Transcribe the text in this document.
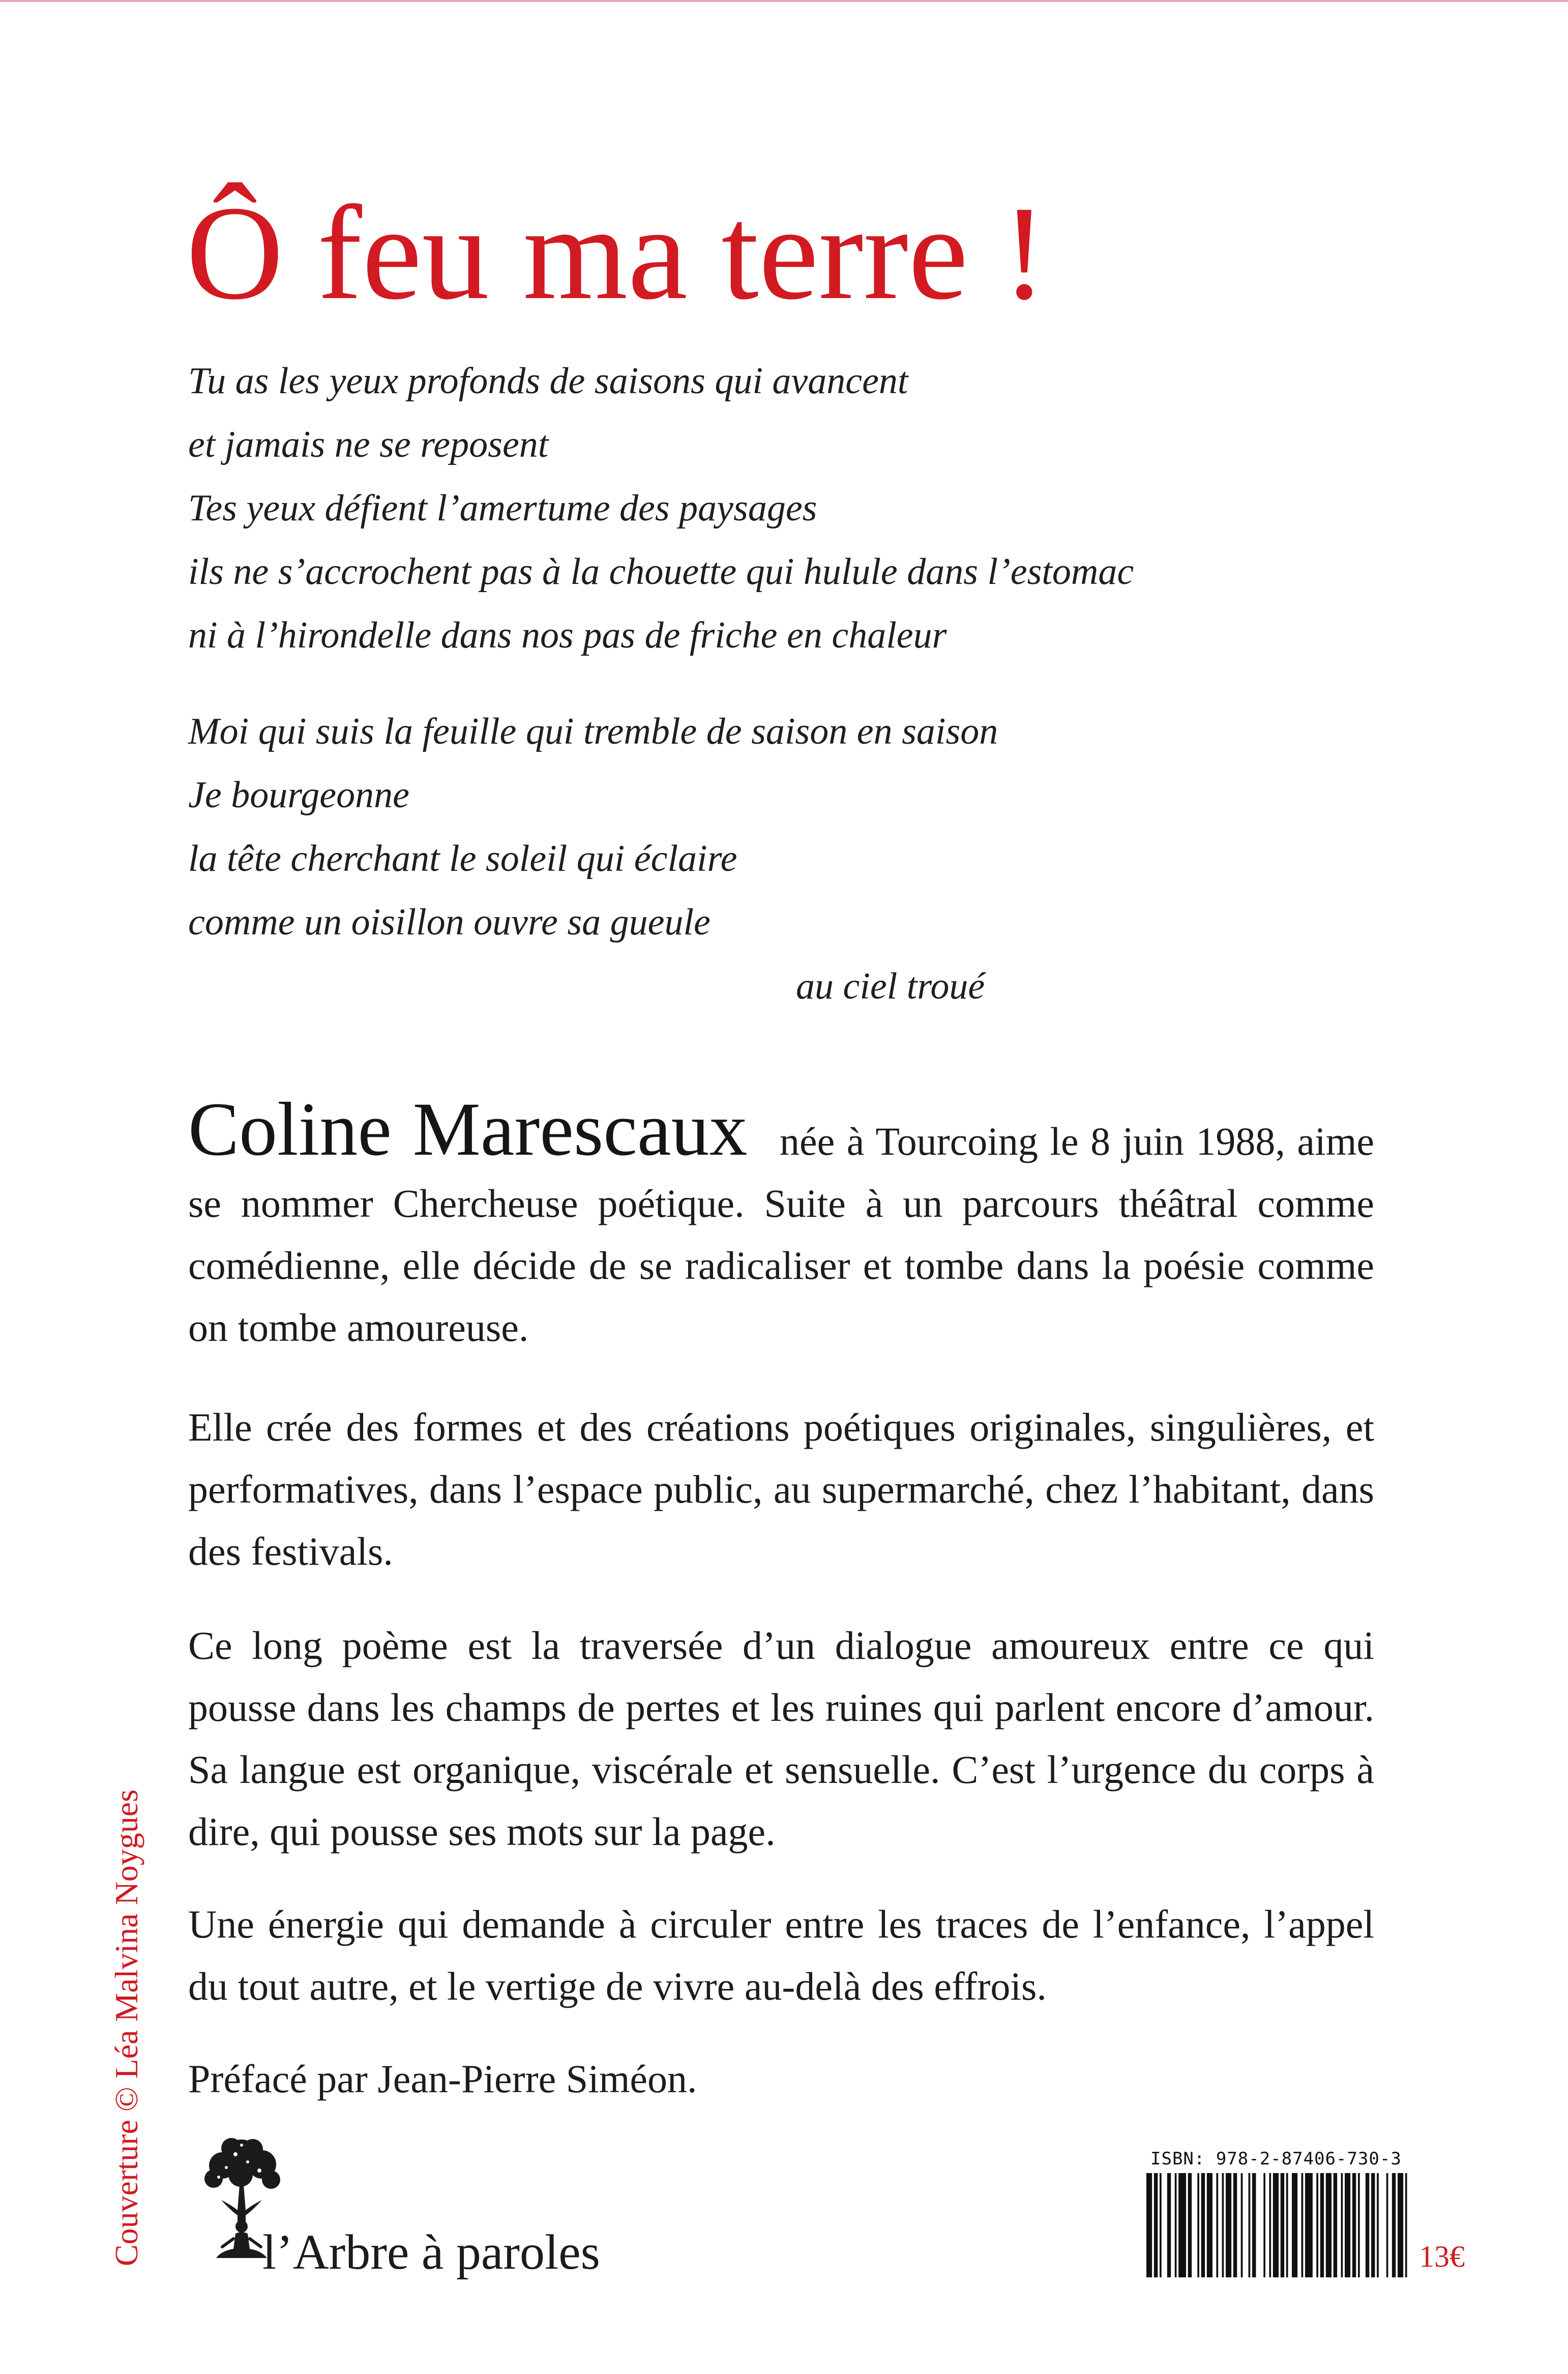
Ô feu ma terre !
Tu as les yeux profonds de saisons qui avancent
et jamais ne se reposent
Tes yeux défient l’amertume des paysages
ils ne s’accrochent pas à la chouette qui hulule dans l’estomac
ni à l’hirondelle dans nos pas de friche en chaleur
Moi qui suis la feuille qui tremble de saison en saison
Je bourgeonne
la tête cherchant le soleil qui éclaire
comme un oisillon ouvre sa gueule
au ciel troué

Coline Marescaux née à Tourcoing le 8 juin 1988, aime se nommer Chercheuse poétique. Suite à un parcours théâtral comme comédienne, elle décide de se radicaliser et tombe dans la poésie comme on tombe amoureuse.

Elle crée des formes et des créations poétiques originales, singulières, et performatives, dans l’espace public, au supermarché, chez l’habitant, dans des festivals.

Ce long poème est la traversée d’un dialogue amoureux entre ce qui pousse dans les champs de pertes et les ruines qui parlent encore d’amour. Sa langue est organique, viscérale et sensuelle. C’est l’urgence du corps à dire, qui pousse ses mots sur la page.

Une énergie qui demande à circuler entre les traces de l’enfance, l’appel du tout autre, et le vertige de vivre au-delà des effrois.

Préfacé par Jean-Pierre Siméon.

Couverture © Léa Malvina Noygues l’Arbre à paroles
ISBN: 978-2-87406-730-3
13€
